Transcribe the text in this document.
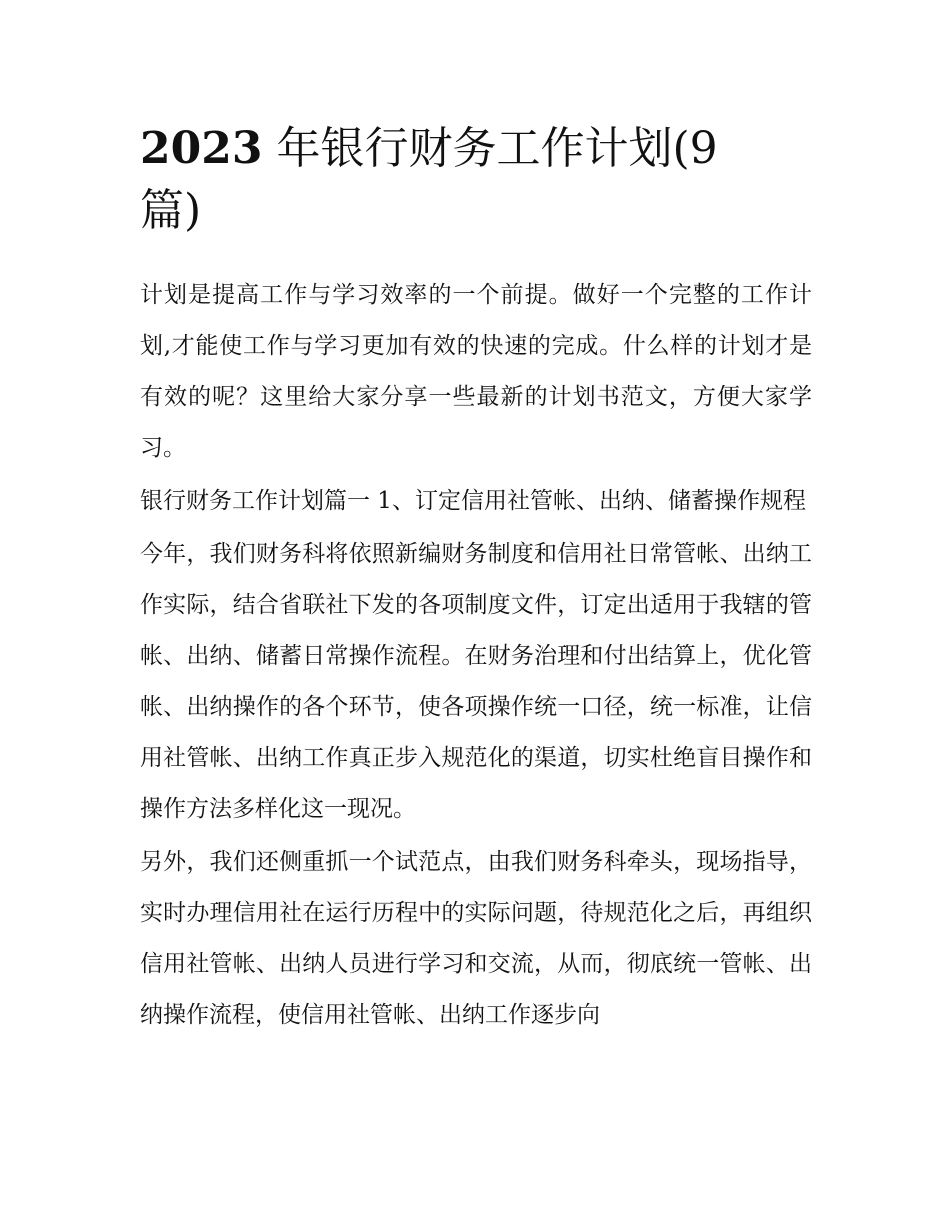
2023 年银行财务工作计划(9篇)

计划是提高工作与学习效率的一个前提。做好一个完整的工作计划,才能使工作与学习更加有效的快速的完成。什么样的计划才是有效的呢？这里给大家分享一些最新的计划书范文，方便大家学习。

银行财务工作计划篇一 1、订定信用社管帐、出纳、储蓄操作规程

今年，我们财务科将依照新编财务制度和信用社日常管帐、出纳工作实际，结合省联社下发的各项制度文件，订定出适用于我辖的管帐、出纳、储蓄日常操作流程。在财务治理和付出结算上，优化管帐、出纳操作的各个环节，使各项操作统一口径，统一标准，让信用社管帐、出纳工作真正步入规范化的渠道，切实杜绝盲目操作和操作方法多样化这一现况。

另外，我们还侧重抓一个试范点，由我们财务科牵头，现场指导，实时办理信用社在运行历程中的实际问题，待规范化之后，再组织信用社管帐、出纳人员进行学习和交流，从而，彻底统一管帐、出纳操作流程，使信用社管帐、出纳工作逐步向
